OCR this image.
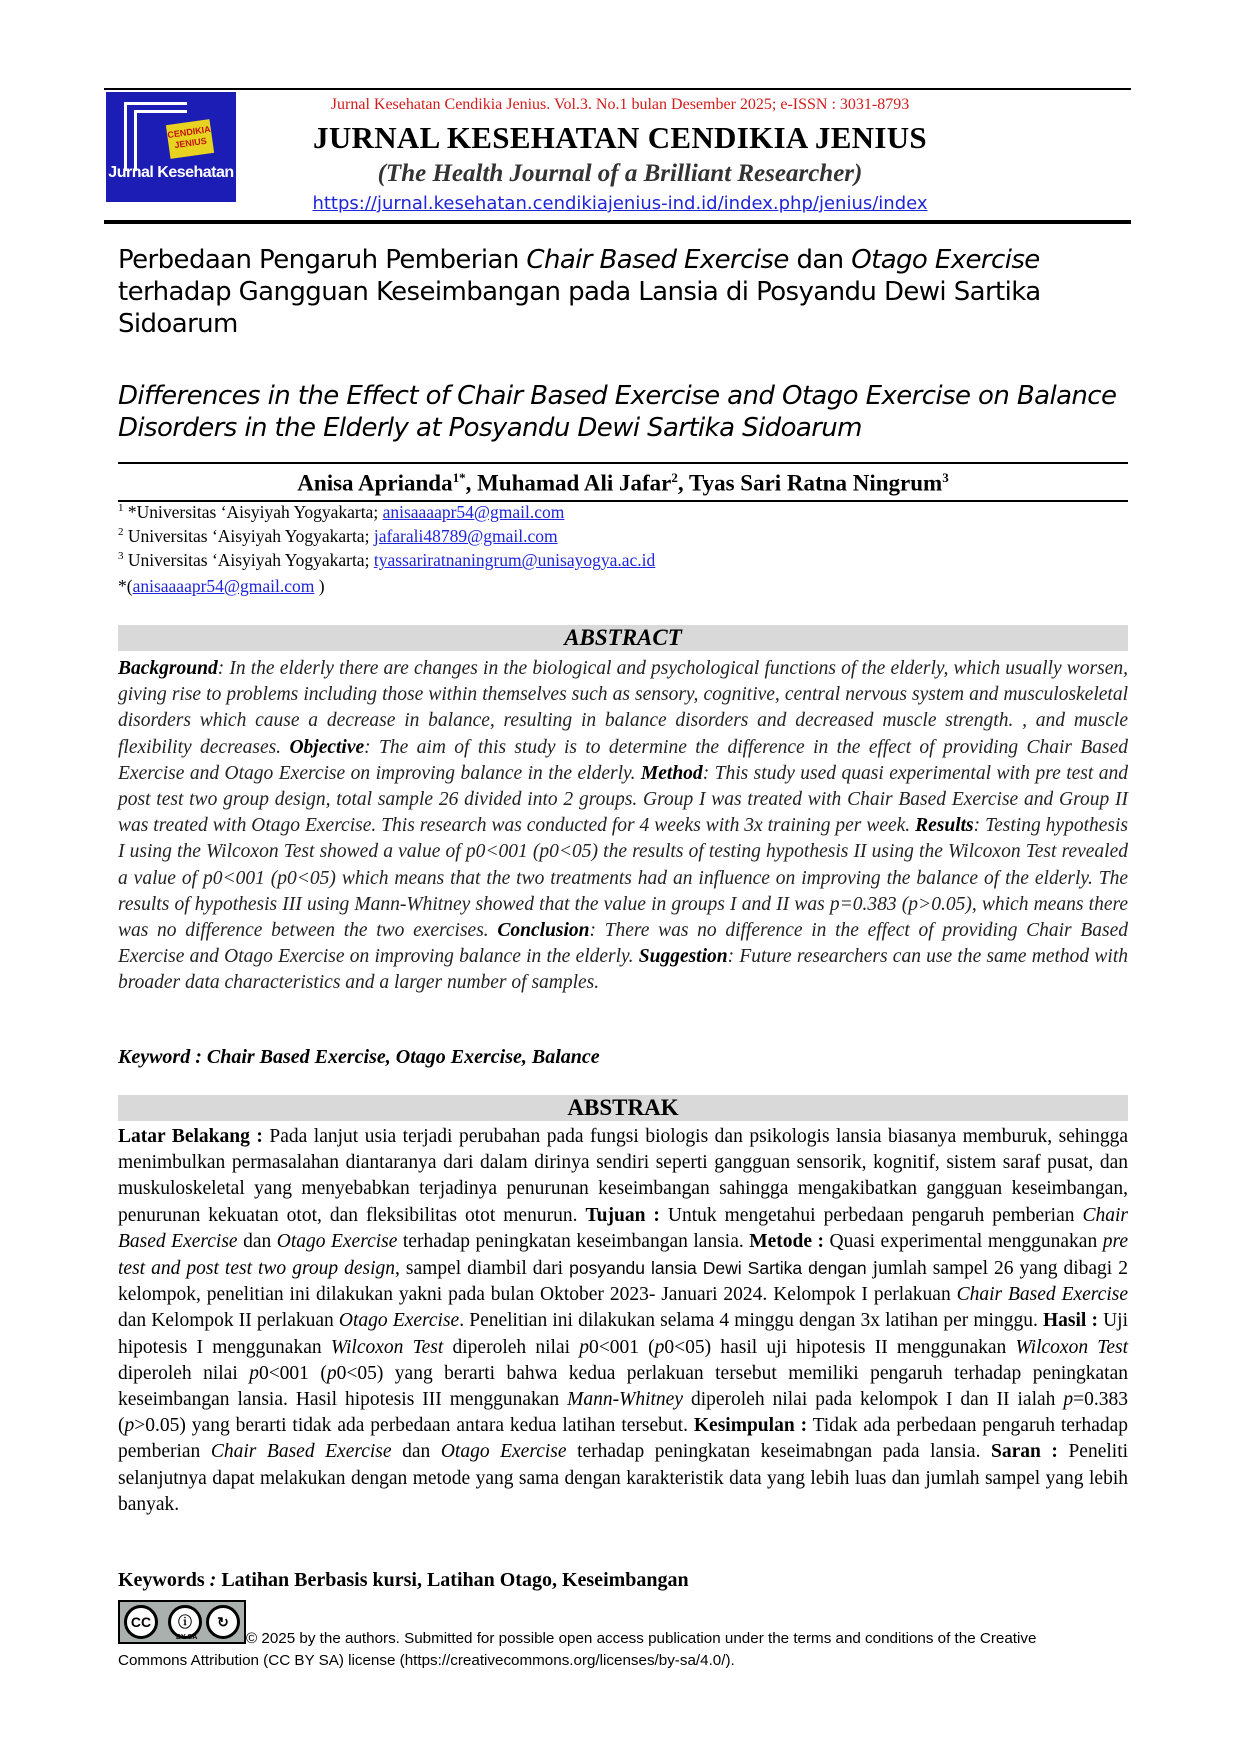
CENDIKIA JENIUS
Jurnal Kesehatan
Jurnal Kesehatan Cendikia Jenius. Vol.3. No.1 bulan Desember 2025; e-ISSN : 3031-8793
JURNAL KESEHATAN CENDIKIA JENIUS
(The Health Journal of a Brilliant Researcher)
https://jurnal.kesehatan.cendikiajenius-ind.id/index.php/jenius/index
Perbedaan Pengaruh Pemberian Chair Based Exercise dan Otago Exercise terhadap Gangguan Keseimbangan pada Lansia di Posyandu Dewi Sartika Sidoarum
Differences in the Effect of Chair Based Exercise and Otago Exercise on Balance Disorders in the Elderly at Posyandu Dewi Sartika Sidoarum
Anisa Aprianda$^{1*}$, Muhamad Ali Jafar$^2$, Tyas Sari Ratna Ningrum$^3$
$^1$ *Universitas ‘Aisyiyah Yogyakarta; anisaaaapr54@gmail.com
$^2$ Universitas ‘Aisyiyah Yogyakarta; jafarali48789@gmail.com
$^3$ Universitas ‘Aisyiyah Yogyakarta; tyassariratnaningrum@unisayogya.ac.id
*(anisaaaapr54@gmail.com )
ABSTRACT
Background: In the elderly there are changes in the biological and psychological functions of the elderly, which usually worsen, giving rise to problems including those within themselves such as sensory, cognitive, central nervous system and musculoskeletal disorders which cause a decrease in balance, resulting in balance disorders and decreased muscle strength. , and muscle flexibility decreases. Objective: The aim of this study is to determine the difference in the effect of providing Chair Based Exercise and Otago Exercise on improving balance in the elderly. Method: This study used quasi experimental with pre test and post test two group design, total sample 26 divided into 2 groups. Group I was treated with Chair Based Exercise and Group II was treated with Otago Exercise. This research was conducted for 4 weeks with 3x training per week. Results: Testing hypothesis I using the Wilcoxon Test showed a value of p0<001 (p0<05) the results of testing hypothesis II using the Wilcoxon Test revealed a value of p0<001 (p0<05) which means that the two treatments had an influence on improving the balance of the elderly. The results of hypothesis III using Mann-Whitney showed that the value in groups I and II was p=0.383 (p>0.05), which means there was no difference between the two exercises. Conclusion: There was no difference in the effect of providing Chair Based Exercise and Otago Exercise on improving balance in the elderly. Suggestion: Future researchers can use the same method with broader data characteristics and a larger number of samples.
Keyword : Chair Based Exercise, Otago Exercise, Balance
ABSTRAK
Latar Belakang : Pada lanjut usia terjadi perubahan pada fungsi biologis dan psikologis lansia biasanya memburuk, sehingga menimbulkan permasalahan diantaranya dari dalam dirinya sendiri seperti gangguan sensorik, kognitif, sistem saraf pusat, dan muskuloskeletal yang menyebabkan terjadinya penurunan keseimbangan sahingga mengakibatkan gangguan keseimbangan, penurunan kekuatan otot, dan fleksibilitas otot menurun. Tujuan : Untuk mengetahui perbedaan pengaruh pemberian Chair Based Exercise dan Otago Exercise terhadap peningkatan keseimbangan lansia. Metode : Quasi experimental menggunakan pre test and post test two group design, sampel diambil dari posyandu lansia Dewi Sartika dengan jumlah sampel 26 yang dibagi 2 kelompok, penelitian ini dilakukan yakni pada bulan Oktober 2023- Januari 2024. Kelompok I perlakuan Chair Based Exercise dan Kelompok II perlakuan Otago Exercise. Penelitian ini dilakukan selama 4 minggu dengan 3x latihan per minggu. Hasil : Uji hipotesis I menggunakan Wilcoxon Test diperoleh nilai p0<001 (p0<05) hasil uji hipotesis II menggunakan Wilcoxon Test diperoleh nilai p0<001 (p0<05) yang berarti bahwa kedua perlakuan tersebut memiliki pengaruh terhadap peningkatan keseimbangan lansia. Hasil hipotesis III menggunakan Mann-Whitney diperoleh nilai pada kelompok I dan II ialah p=0.383 (p>0.05) yang berarti tidak ada perbedaan antara kedua latihan tersebut. Kesimpulan : Tidak ada perbedaan pengaruh terhadap pemberian Chair Based Exercise dan Otago Exercise terhadap peningkatan keseimabngan pada lansia. Saran : Peneliti selanjutnya dapat melakukan dengan metode yang sama dengan karakteristik data yang lebih luas dan jumlah sampel yang lebih banyak.
Keywords : Latihan Berbasis kursi, Latihan Otago, Keseimbangan
CC	ⓘ	↻
BY SA	© 2025 by the authors. Submitted for possible open access publication under the terms and conditions of the Creative
Commons Attribution (CC BY SA) license (https://creativecommons.org/licenses/by-sa/4.0/).
